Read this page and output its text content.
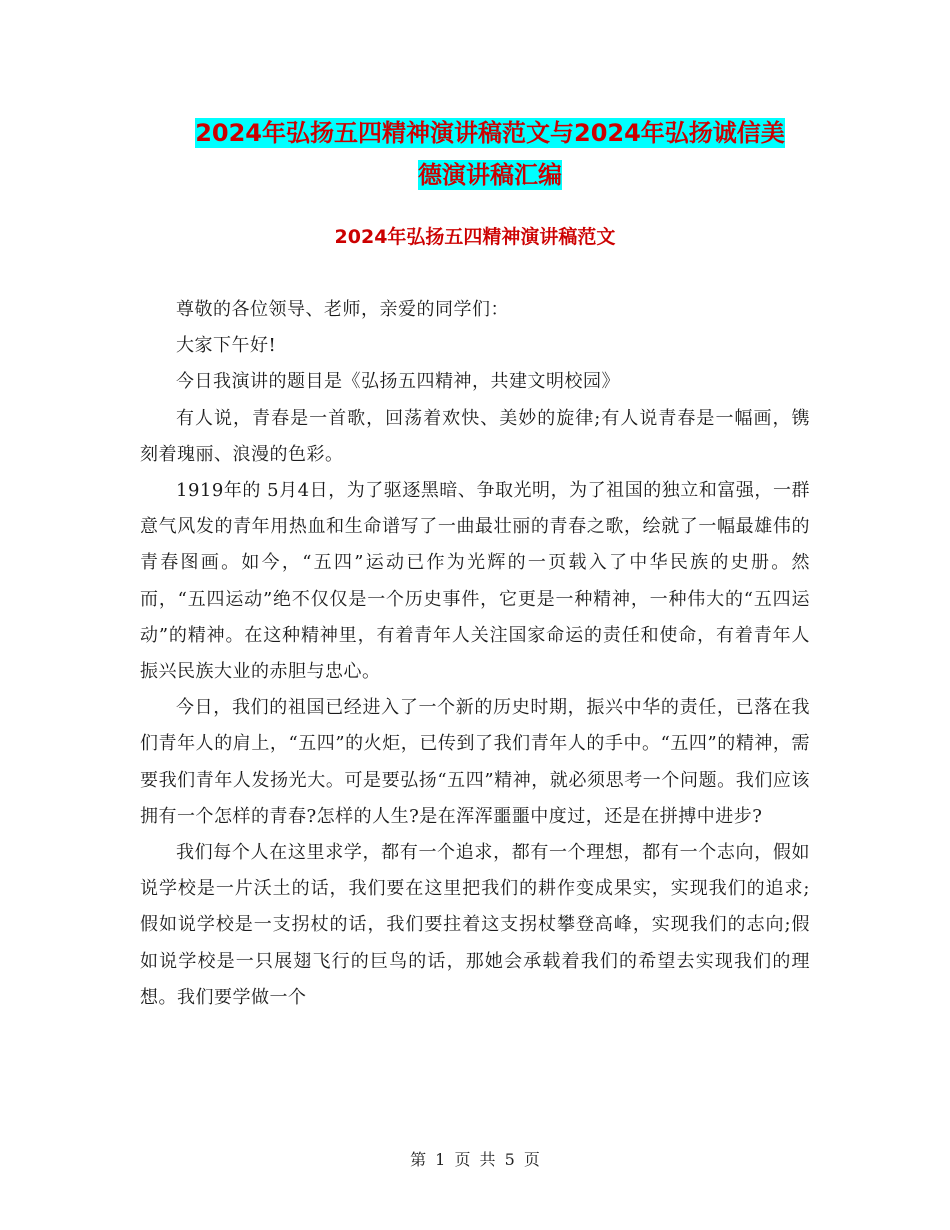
2024年弘扬五四精神演讲稿范文与2024年弘扬诚信美
德演讲稿汇编
2024年弘扬五四精神演讲稿范文

尊敬的各位领导、老师，亲爱的同学们：

大家下午好!

今日我演讲的题目是《弘扬五四精神，共建文明校园》

有人说，青春是一首歌，回荡着欢快、美妙的旋律;有人说青春是一幅画，镌刻着瑰丽、浪漫的色彩。

1919年的 5月4日，为了驱逐黑暗、争取光明，为了祖国的独立和富强，一群意气风发的青年用热血和生命谱写了一曲最壮丽的青春之歌，绘就了一幅最雄伟的青春图画。如今，“五四”运动已作为光辉的一页载入了中华民族的史册。然而，“五四运动”绝不仅仅是一个历史事件，它更是一种精神，一种伟大的“五四运动”的精神。在这种精神里，有着青年人关注国家命运的责任和使命，有着青年人振兴民族大业的赤胆与忠心。

今日，我们的祖国已经进入了一个新的历史时期，振兴中华的责任，已落在我们青年人的肩上，“五四”的火炬，已传到了我们青年人的手中。“五四”的精神，需要我们青年人发扬光大。可是要弘扬“五四”精神，就必须思考一个问题。我们应该拥有一个怎样的青春?怎样的人生?是在浑浑噩噩中度过，还是在拼搏中进步?

我们每个人在这里求学，都有一个追求，都有一个理想，都有一个志向，假如说学校是一片沃土的话，我们要在这里把我们的耕作变成果实，实现我们的追求;假如说学校是一支拐杖的话，我们要拄着这支拐杖攀登高峰，实现我们的志向;假如说学校是一只展翅飞行的巨鸟的话，那她会承载着我们的希望去实现我们的理想。我们要学做一个

第 1 页 共 5 页
